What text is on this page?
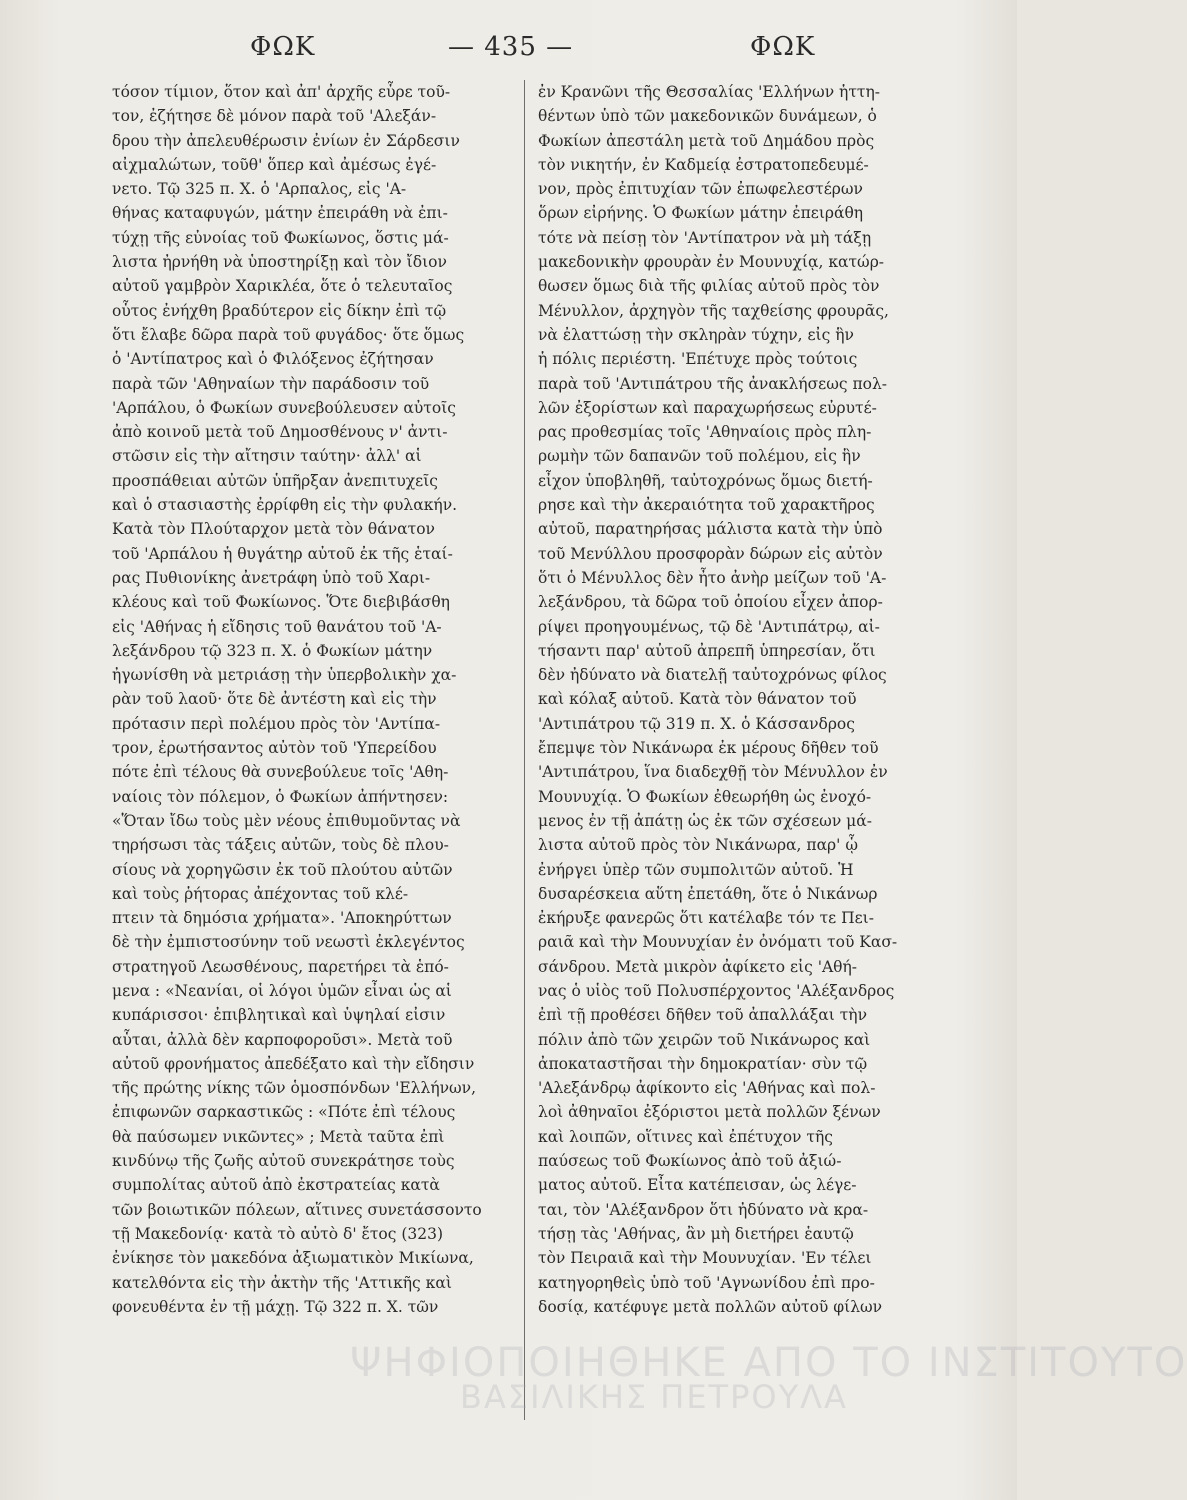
ΦΩΚ	— 435 —	ΦΩΚ
τόσον τίμιον, ὅτον καὶ ἀπ' ἀρχῆς εὗρε τοῦ-
τον, ἐζήτησε δὲ μόνον παρὰ τοῦ 'Αλεξάν-
δρου τὴν ἀπελευθέρωσιν ἐνίων ἐν Σάρδεσιν
αἰχμαλώτων, τοῦθ' ὅπερ καὶ ἀμέσως ἐγέ-
νετο. Τῷ 325 π. Χ. ὁ 'Αρπαλος, εἰς 'Α-
θήνας καταφυγών, μάτην ἐπειράθη νὰ ἐπι-
τύχῃ τῆς εὐνοίας τοῦ Φωκίωνος, ὅστις μά-
λιστα ἠρνήθη νὰ ὑποστηρίξῃ καὶ τὸν ἴδιον
αὐτοῦ γαμβρὸν Χαρικλέα, ὅτε ὁ τελευταῖος
οὗτος ἐνήχθη βραδύτερον εἰς δίκην ἐπὶ τῷ
ὅτι ἔλαβε δῶρα παρὰ τοῦ φυγάδος· ὅτε ὅμως
ὁ 'Αντίπατρος καὶ ὁ Φιλόξενος ἐζήτησαν
παρὰ τῶν 'Αθηναίων τὴν παράδοσιν τοῦ
'Αρπάλου, ὁ Φωκίων συνεβούλευσεν αὐτοῖς
ἀπὸ κοινοῦ μετὰ τοῦ Δημοσθένους ν' ἀντι-
στῶσιν εἰς τὴν αἴτησιν ταύτην· ἀλλ' αἱ
προσπάθειαι αὐτῶν ὑπῆρξαν ἀνεπιτυχεῖς
καὶ ὁ στασιαστὴς ἐρρίφθη εἰς τὴν φυλακήν.
Κατὰ τὸν Πλούταρχον μετὰ τὸν θάνατον
τοῦ 'Αρπάλου ἡ θυγάτηρ αὐτοῦ ἐκ τῆς ἑταί-
ρας Πυθιονίκης ἀνετράφη ὑπὸ τοῦ Χαρι-
κλέους καὶ τοῦ Φωκίωνος. Ὅτε διεβιβάσθη
εἰς 'Αθήνας ἡ εἴδησις τοῦ θανάτου τοῦ 'Α-
λεξάνδρου τῷ 323 π. Χ. ὁ Φωκίων μάτην
ἠγωνίσθη νὰ μετριάσῃ τὴν ὑπερβολικὴν χα-
ρὰν τοῦ λαοῦ· ὅτε δὲ ἀντέστη καὶ εἰς τὴν
πρότασιν περὶ πολέμου πρὸς τὸν 'Αντίπα-
τρον, ἐρωτήσαντος αὐτὸν τοῦ 'Υπερείδου
πότε ἐπὶ τέλους θὰ συνεβούλευε τοῖς 'Αθη-
ναίοις τὸν πόλεμον, ὁ Φωκίων ἀπήντησεν:
«Ὅταν ἴδω τοὺς μὲν νέους ἐπιθυμοῦντας νὰ
τηρήσωσι τὰς τάξεις αὐτῶν, τοὺς δὲ πλου-
σίους νὰ χορηγῶσιν ἐκ τοῦ πλούτου αὐτῶν
καὶ τοὺς ῥήτορας ἀπέχοντας τοῦ κλέ-
πτειν τὰ δημόσια χρήματα». 'Αποκηρύττων
δὲ τὴν ἐμπιστοσύνην τοῦ νεωστὶ ἐκλεγέντος
στρατηγοῦ Λεωσθένους, παρετήρει τὰ ἑπό-
μενα : «Νεανίαι, οἱ λόγοι ὑμῶν εἶναι ὡς αἱ
κυπάρισσοι· ἐπιβλητικαὶ καὶ ὑψηλαί εἰσιν
αὗται, ἀλλὰ δὲν καρποφοροῦσι». Μετὰ τοῦ
αὐτοῦ φρονήματος ἀπεδέξατο καὶ τὴν εἴδησιν
τῆς πρώτης νίκης τῶν ὁμοσπόνδων 'Ελλήνων,
ἐπιφωνῶν σαρκαστικῶς : «Πότε ἐπὶ τέλους
θὰ παύσωμεν νικῶντες» ; Μετὰ ταῦτα ἐπὶ
κινδύνῳ τῆς ζωῆς αὐτοῦ συνεκράτησε τοὺς
συμπολίτας αὐτοῦ ἀπὸ ἐκστρατείας κατὰ
τῶν βοιωτικῶν πόλεων, αἵτινες συνετάσσοντο
τῇ Μακεδονίᾳ· κατὰ τὸ αὐτὸ δ' ἔτος (323)
ἐνίκησε τὸν μακεδόνα ἀξιωματικὸν Μικίωνα,
κατελθόντα εἰς τὴν ἀκτὴν τῆς 'Αττικῆς καὶ
φονευθέντα ἐν τῇ μάχῃ. Τῷ 322 π. Χ. τῶν
ἐν Κρανῶνι τῆς Θεσσαλίας 'Ελλήνων ἡττη-
θέντων ὑπὸ τῶν μακεδονικῶν δυνάμεων, ὁ
Φωκίων ἀπεστάλη μετὰ τοῦ Δημάδου πρὸς
τὸν νικητήν, ἐν Καδμείᾳ ἐστρατοπεδευμέ-
νον, πρὸς ἐπιτυχίαν τῶν ἐπωφελεστέρων
ὅρων εἰρήνης. Ὁ Φωκίων μάτην ἐπειράθη
τότε νὰ πείσῃ τὸν 'Αντίπατρον νὰ μὴ τάξῃ
μακεδονικὴν φρουρὰν ἐν Μουνυχίᾳ, κατώρ-
θωσεν ὅμως διὰ τῆς φιλίας αὐτοῦ πρὸς τὸν
Μένυλλον, ἀρχηγὸν τῆς ταχθείσης φρουρᾶς,
νὰ ἐλαττώσῃ τὴν σκληρὰν τύχην, εἰς ἣν
ἡ πόλις περιέστη. 'Επέτυχε πρὸς τούτοις
παρὰ τοῦ 'Αντιπάτρου τῆς ἀνακλήσεως πολ-
λῶν ἐξορίστων καὶ παραχωρήσεως εὐρυτέ-
ρας προθεσμίας τοῖς 'Αθηναίοις πρὸς πλη-
ρωμὴν τῶν δαπανῶν τοῦ πολέμου, εἰς ἣν
εἶχον ὑποβληθῆ, ταὐτοχρόνως ὅμως διετή-
ρησε καὶ τὴν ἀκεραιότητα τοῦ χαρακτῆρος
αὐτοῦ, παρατηρήσας μάλιστα κατὰ τὴν ὑπὸ
τοῦ Μενύλλου προσφορὰν δώρων εἰς αὐτὸν
ὅτι ὁ Μένυλλος δὲν ἦτο ἀνὴρ μείζων τοῦ 'Α-
λεξάνδρου, τὰ δῶρα τοῦ ὁποίου εἶχεν ἀπορ-
ρίψει προηγουμένως, τῷ δὲ 'Αντιπάτρῳ, αἰ-
τήσαντι παρ' αὐτοῦ ἀπρεπῆ ὑπηρεσίαν, ὅτι
δὲν ἠδύνατο νὰ διατελῇ ταὐτοχρόνως φίλος
καὶ κόλαξ αὐτοῦ. Κατὰ τὸν θάνατον τοῦ
'Αντιπάτρου τῷ 319 π. Χ. ὁ Κάσσανδρος
ἔπεμψε τὸν Νικάνωρα ἐκ μέρους δῆθεν τοῦ
'Αντιπάτρου, ἵνα διαδεχθῇ τὸν Μένυλλον ἐν
Μουνυχίᾳ. Ὁ Φωκίων ἐθεωρήθη ὡς ἐνοχό-
μενος ἐν τῇ ἀπάτῃ ὡς ἐκ τῶν σχέσεων μά-
λιστα αὐτοῦ πρὸς τὸν Νικάνωρα, παρ' ᾧ
ἐνήργει ὑπὲρ τῶν συμπολιτῶν αὐτοῦ. Ἡ
δυσαρέσκεια αὕτη ἐπετάθη, ὅτε ὁ Νικάνωρ
ἐκήρυξε φανερῶς ὅτι κατέλαβε τόν τε Πει-
ραιᾶ καὶ τὴν Μουνυχίαν ἐν ὀνόματι τοῦ Κασ-
σάνδρου. Μετὰ μικρὸν ἀφίκετο εἰς 'Αθή-
νας ὁ υἱὸς τοῦ Πολυσπέρχοντος 'Αλέξανδρος
ἐπὶ τῇ προθέσει δῆθεν τοῦ ἀπαλλάξαι τὴν
πόλιν ἀπὸ τῶν χειρῶν τοῦ Νικάνωρος καὶ
ἀποκαταστῆσαι τὴν δημοκρατίαν· σὺν τῷ
'Αλεξάνδρῳ ἀφίκοντο εἰς 'Αθήνας καὶ πολ-
λοὶ ἀθηναῖοι ἐξόριστοι μετὰ πολλῶν ξένων
καὶ λοιπῶν, οἵτινες καὶ ἐπέτυχον τῆς
παύσεως τοῦ Φωκίωνος ἀπὸ τοῦ ἀξιώ-
ματος αὐτοῦ. Εἶτα κατέπεισαν, ὡς λέγε-
ται, τὸν 'Αλέξανδρον ὅτι ἠδύνατο νὰ κρα-
τήσῃ τὰς 'Αθήνας, ἂν μὴ διετήρει ἑαυτῷ
τὸν Πειραιᾶ καὶ τὴν Μουνυχίαν. 'Εν τέλει
κατηγορηθεὶς ὑπὸ τοῦ 'Αγνωνίδου ἐπὶ προ-
δοσίᾳ, κατέφυγε μετὰ πολλῶν αὐτοῦ φίλων
ΨΗΦΙΟΠΟΙΗΘΗΚΕ ΑΠΟ ΤΟ ΙΝΣΤΙΤΟΥΤΟ
ΒΑΣΙΛΙΚΗΣ ΠΕΤΡΟΥΛΑ
